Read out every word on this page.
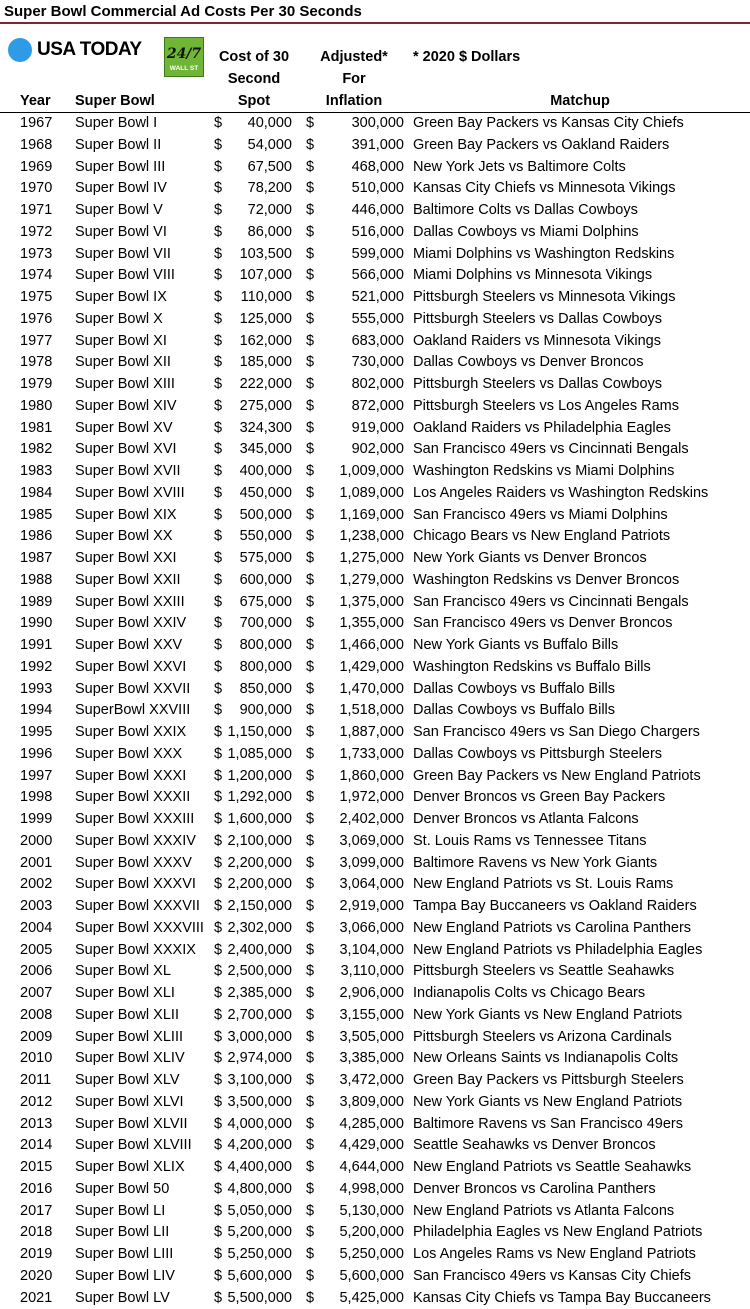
Super Bowl Commercial Ad Costs Per 30 Seconds
USA TODAY 24/7
WALL ST
Cost of 30
Second
Spot
Adjusted*
For
Inflation
* 2020 $ Dollars
Year Super Bowl	Matchup
1967 Super Bowl I	$ 40,000 $	300,000 Green Bay Packers vs Kansas City Chiefs
1968 Super Bowl II	$ 54,000 $	391,000 Green Bay Packers vs Oakland Raiders
1969 Super Bowl III	$ 67,500 $	468,000 New York Jets vs Baltimore Colts
1970 Super Bowl IV	$ 78,200 $	510,000 Kansas City Chiefs vs Minnesota Vikings
1971 Super Bowl V	$ 72,000 $	446,000 Baltimore Colts vs Dallas Cowboys
1972 Super Bowl VI	$ 86,000 $	516,000 Dallas Cowboys vs Miami Dolphins
1973 Super Bowl VII	$ 103,500 $	599,000 Miami Dolphins vs Washington Redskins
1974 Super Bowl VIII	$ 107,000 $	566,000 Miami Dolphins vs Minnesota Vikings
1975 Super Bowl IX	$ 110,000 $	521,000 Pittsburgh Steelers vs Minnesota Vikings
1976 Super Bowl X	$ 125,000 $	555,000 Pittsburgh Steelers vs Dallas Cowboys
1977 Super Bowl XI	$ 162,000 $	683,000 Oakland Raiders vs Minnesota Vikings
1978 Super Bowl XII	$ 185,000 $	730,000 Dallas Cowboys vs Denver Broncos
1979 Super Bowl XIII	$ 222,000 $	802,000 Pittsburgh Steelers vs Dallas Cowboys
1980 Super Bowl XIV	$ 275,000 $	872,000 Pittsburgh Steelers vs Los Angeles Rams
1981 Super Bowl XV	$ 324,300 $	919,000 Oakland Raiders vs Philadelphia Eagles
1982 Super Bowl XVI	$ 345,000 $	902,000 San Francisco 49ers vs Cincinnati Bengals
1983 Super Bowl XVII $ 400,000 $ 1,009,000 Washington Redskins vs Miami Dolphins
1984 Super Bowl XVIII $ 450,000 $ 1,089,000 Los Angeles Raiders vs Washington Redskins
1985 Super Bowl XIX	$ 500,000 $ 1,169,000 San Francisco 49ers vs Miami Dolphins
1986 Super Bowl XX	$ 550,000 $ 1,238,000 Chicago Bears vs New England Patriots
1987 Super Bowl XXI	$ 575,000 $ 1,275,000 New York Giants vs Denver Broncos
1988 Super Bowl XXII $ 600,000 $ 1,279,000 Washington Redskins vs Denver Broncos
1989 Super Bowl XXIII $ 675,000 $ 1,375,000 San Francisco 49ers vs Cincinnati Bengals
1990 Super Bowl XXIV $ 700,000 $ 1,355,000 San Francisco 49ers vs Denver Broncos
1991 Super Bowl XXV $ 800,000 $ 1,466,000 New York Giants vs Buffalo Bills
1992 Super Bowl XXVI $ 800,000 $ 1,429,000 Washington Redskins vs Buffalo Bills
1993 Super Bowl XXVII $ 850,000 $ 1,470,000 Dallas Cowboys vs Buffalo Bills
1994 SuperBowl XXVIII $ 900,000 $ 1,518,000 Dallas Cowboys vs Buffalo Bills
1995 Super Bowl XXIX $ 1,150,000 $ 1,887,000 San Francisco 49ers vs San Diego Chargers
1996 Super Bowl XXX $ 1,085,000 $ 1,733,000 Dallas Cowboys vs Pittsburgh Steelers
1997 Super Bowl XXXI $ 1,200,000 $ 1,860,000 Green Bay Packers vs New England Patriots
1998 Super Bowl XXXII $ 1,292,000 $ 1,972,000 Denver Broncos vs Green Bay Packers
1999 Super Bowl XXXIII $ 1,600,000 $ 2,402,000 Denver Broncos vs Atlanta Falcons
2000 Super Bowl XXXIV $ 2,100,000 $ 3,069,000 St. Louis Rams vs Tennessee Titans
2001 Super Bowl XXXV $ 2,200,000 $ 3,099,000 Baltimore Ravens vs New York Giants
2002 Super Bowl XXXVI $ 2,200,000 $ 3,064,000 New England Patriots vs St. Louis Rams
2003 Super Bowl XXXVII $ 2,150,000 $ 2,919,000 Tampa Bay Buccaneers vs Oakland Raiders
2004 Super Bowl XXXVIII $ 2,302,000 $ 3,066,000 New England Patriots vs Carolina Panthers
2005 Super Bowl XXXIX $ 2,400,000 $ 3,104,000 New England Patriots vs Philadelphia Eagles
2006 Super Bowl XL	$ 2,500,000 $ 3,110,000 Pittsburgh Steelers vs Seattle Seahawks
2007 Super Bowl XLI	$ 2,385,000 $ 2,906,000 Indianapolis Colts vs Chicago Bears
2008 Super Bowl XLII $ 2,700,000 $ 3,155,000 New York Giants vs New England Patriots
2009 Super Bowl XLIII $ 3,000,000 $ 3,505,000 Pittsburgh Steelers vs Arizona Cardinals
2010 Super Bowl XLIV $ 2,974,000 $ 3,385,000 New Orleans Saints vs Indianapolis Colts
2011 Super Bowl XLV $ 3,100,000 $ 3,472,000 Green Bay Packers vs Pittsburgh Steelers
2012 Super Bowl XLVI $ 3,500,000 $ 3,809,000 New York Giants vs New England Patriots
2013 Super Bowl XLVII $ 4,000,000 $ 4,285,000 Baltimore Ravens vs San Francisco 49ers
2014 Super Bowl XLVIII $ 4,200,000 $ 4,429,000 Seattle Seahawks vs Denver Broncos
2015 Super Bowl XLIX $ 4,400,000 $ 4,644,000 New England Patriots vs Seattle Seahawks
2016 Super Bowl 50	$ 4,800,000 $ 4,998,000 Denver Broncos vs Carolina Panthers
2017 Super Bowl LI	$ 5,050,000 $ 5,130,000 New England Patriots vs Atlanta Falcons
2018 Super Bowl LII	$ 5,200,000 $ 5,200,000 Philadelphia Eagles vs New England Patriots
2019 Super Bowl LIII	$ 5,250,000 $ 5,250,000 Los Angeles Rams vs New England Patriots
2020 Super Bowl LIV	$ 5,600,000 $ 5,600,000 San Francisco 49ers vs Kansas City Chiefs
2021 Super Bowl LV	$ 5,500,000 $ 5,425,000 Kansas City Chiefs vs Tampa Bay Buccaneers
